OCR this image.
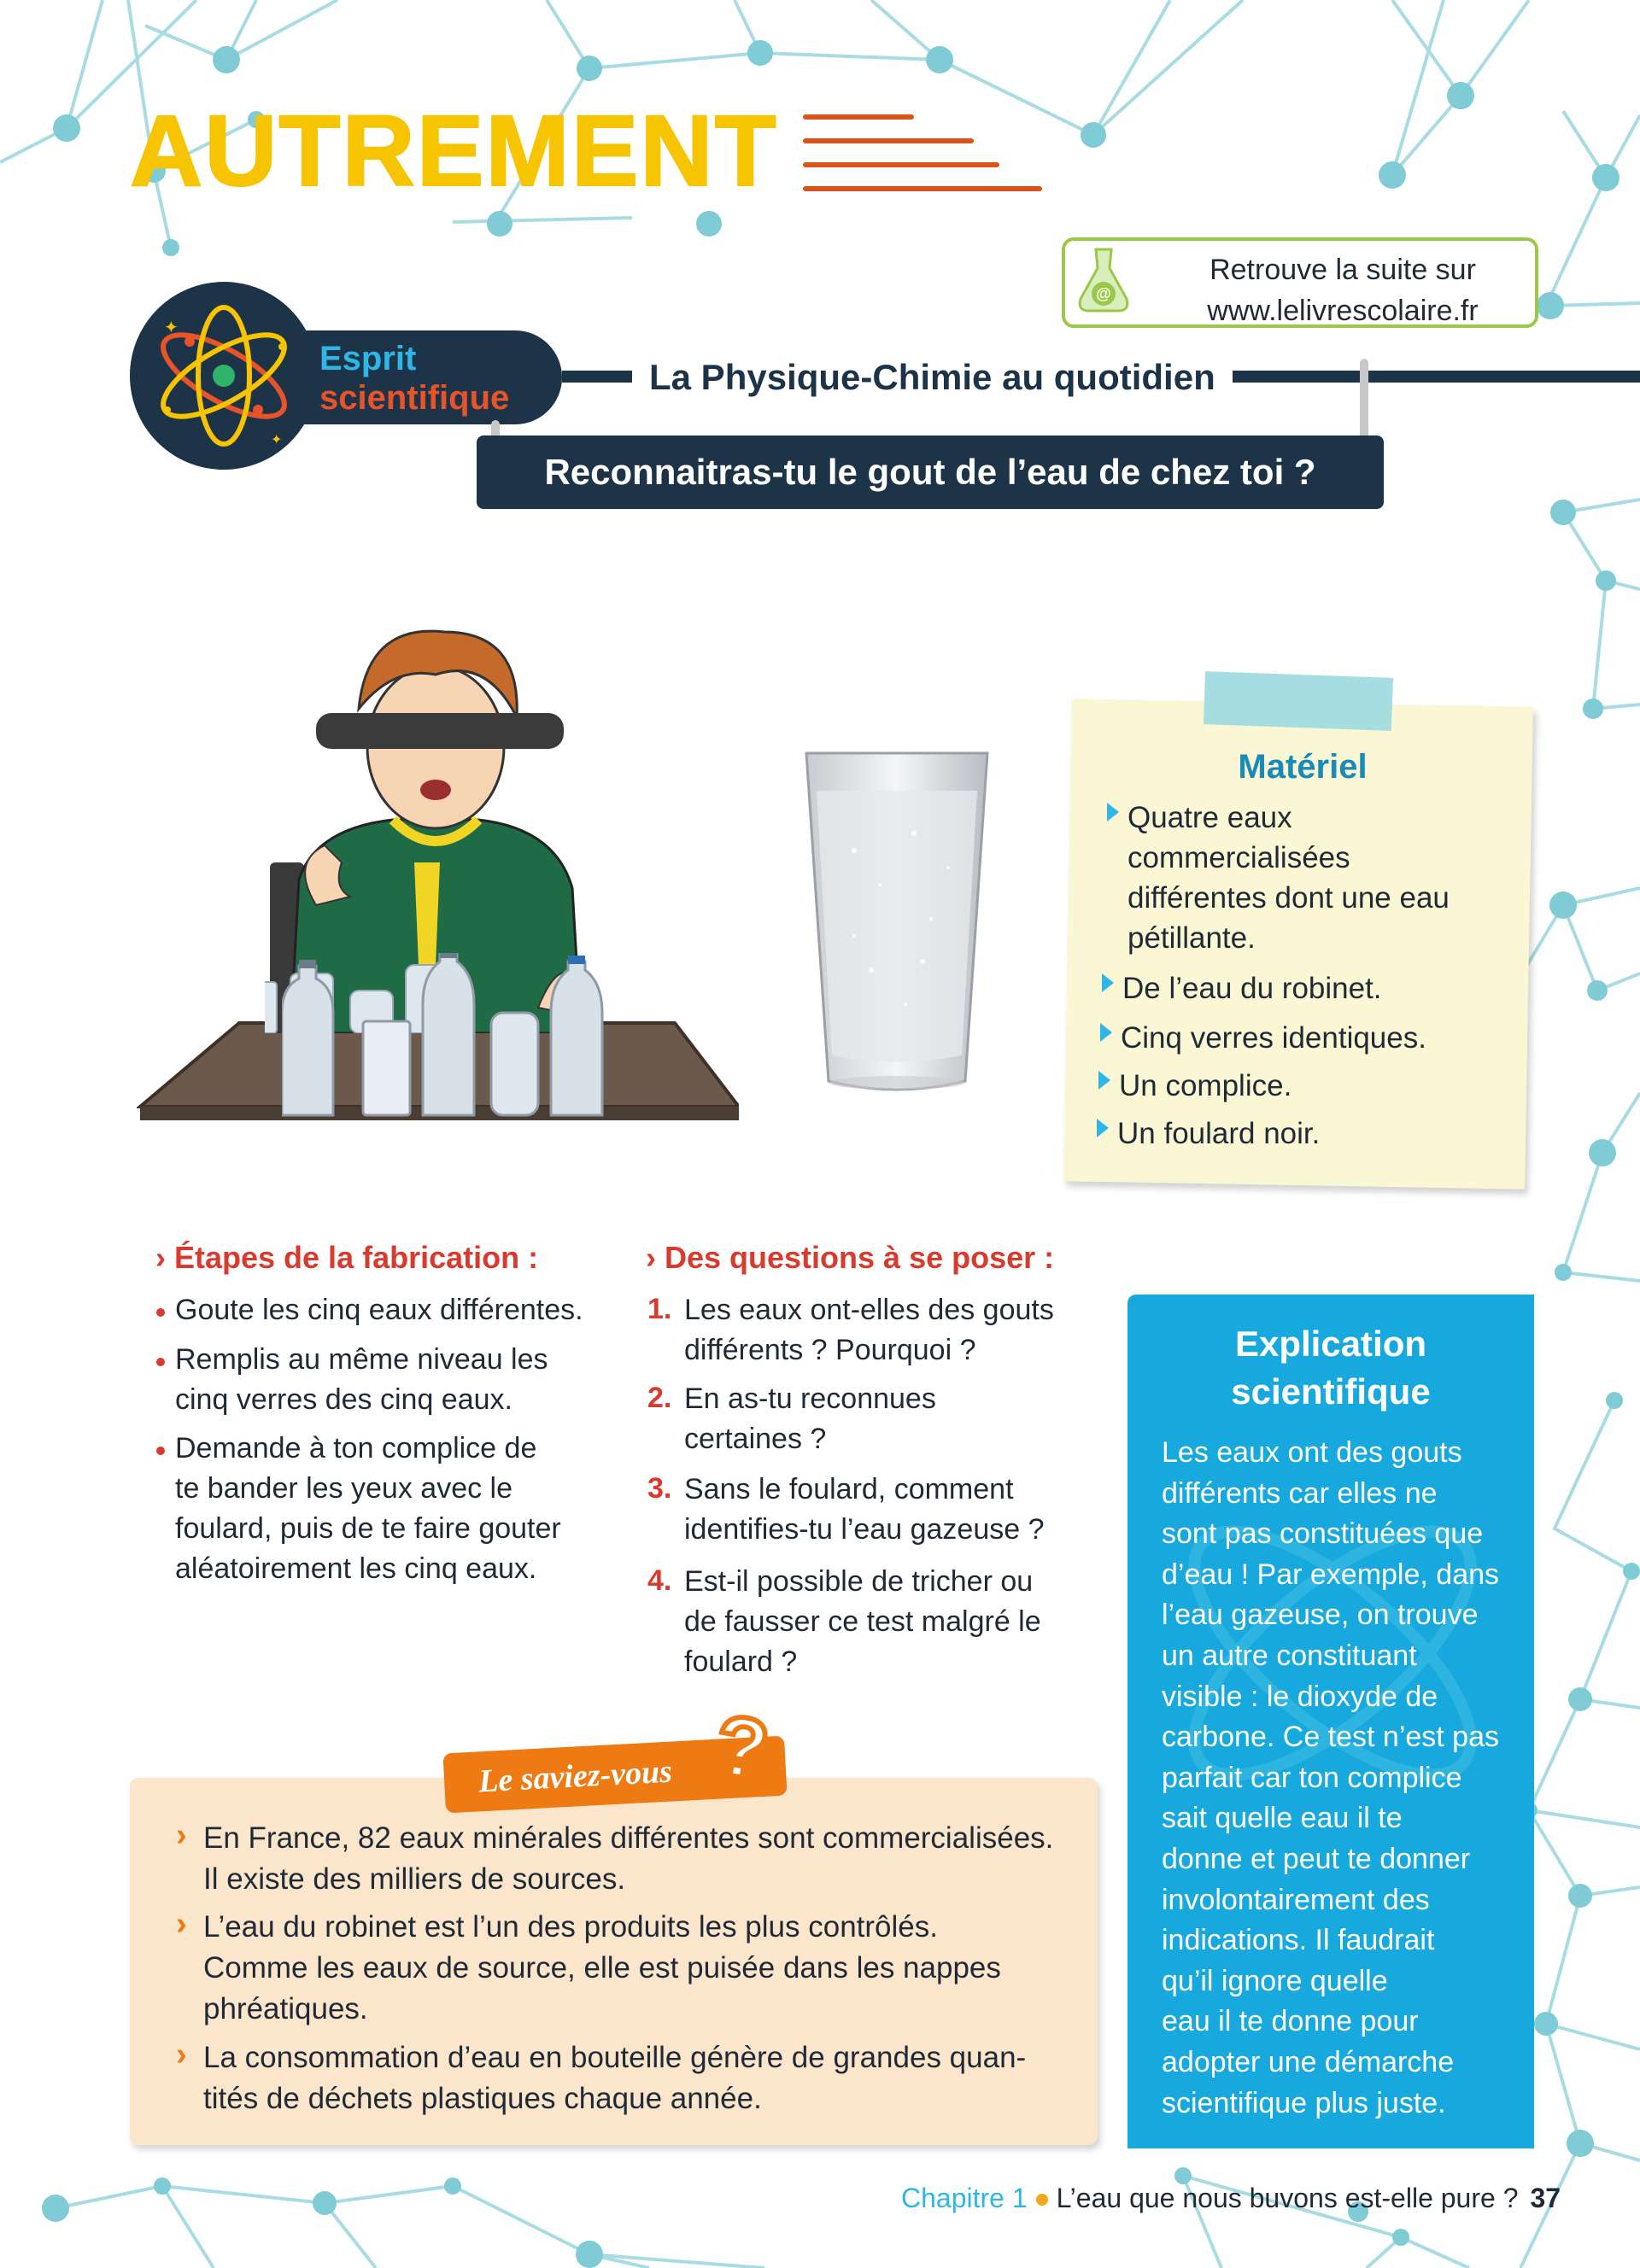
AUTREMENT
@
Retrouve la suite sur
www.lelivrescolaire.fr
✦
✦
Esprit
scientifique
La Physique-Chimie au quotidien
Reconnaitras-tu le gout de l’eau de chez toi ?
Matériel
Quatre eaux
commercialisées
différentes dont une eau
pétillante.
De l’eau du robinet.
Cinq verres identiques.
Un complice.
Un foulard noir.
› Étapes de la fabrication :
Goute les cinq eaux différentes.
Remplis au même niveau les
cinq verres des cinq eaux.
Demande à ton complice de
te bander les yeux avec le
foulard, puis de te faire gouter
aléatoirement les cinq eaux.
› Des questions à se poser :
1. Les eaux ont-elles des gouts
différents ? Pourquoi ?
2. En as-tu reconnues
certaines ?
3. Sans le foulard, comment
identifies-tu l’eau gazeuse ?
4. Est-il possible de tricher ou
de fausser ce test malgré le
foulard ?
Explication
scientifique
Les eaux ont des gouts
différents car elles ne
sont pas constituées que
d’eau ! Par exemple, dans
l’eau gazeuse, on trouve
un autre constituant
visible : le dioxyde de
carbone. Ce test n’est pas
parfait car ton complice
sait quelle eau il te
donne et peut te donner
involontairement des
indications. Il faudrait
qu’il ignore quelle
eau il te donne pour
adopter une démarche
scientifique plus juste.
Le saviez-vous ?
› En France, 82 eaux minérales différentes sont commercialisées.
Il existe des milliers de sources.
› L’eau du robinet est l’un des produits les plus contrôlés.
Comme les eaux de source, elle est puisée dans les nappes
phréatiques.
› La consommation d’eau en bouteille génère de grandes quan-
tités de déchets plastiques chaque année.
Chapitre 1 L’eau que nous buvons est-elle pure ? 37
